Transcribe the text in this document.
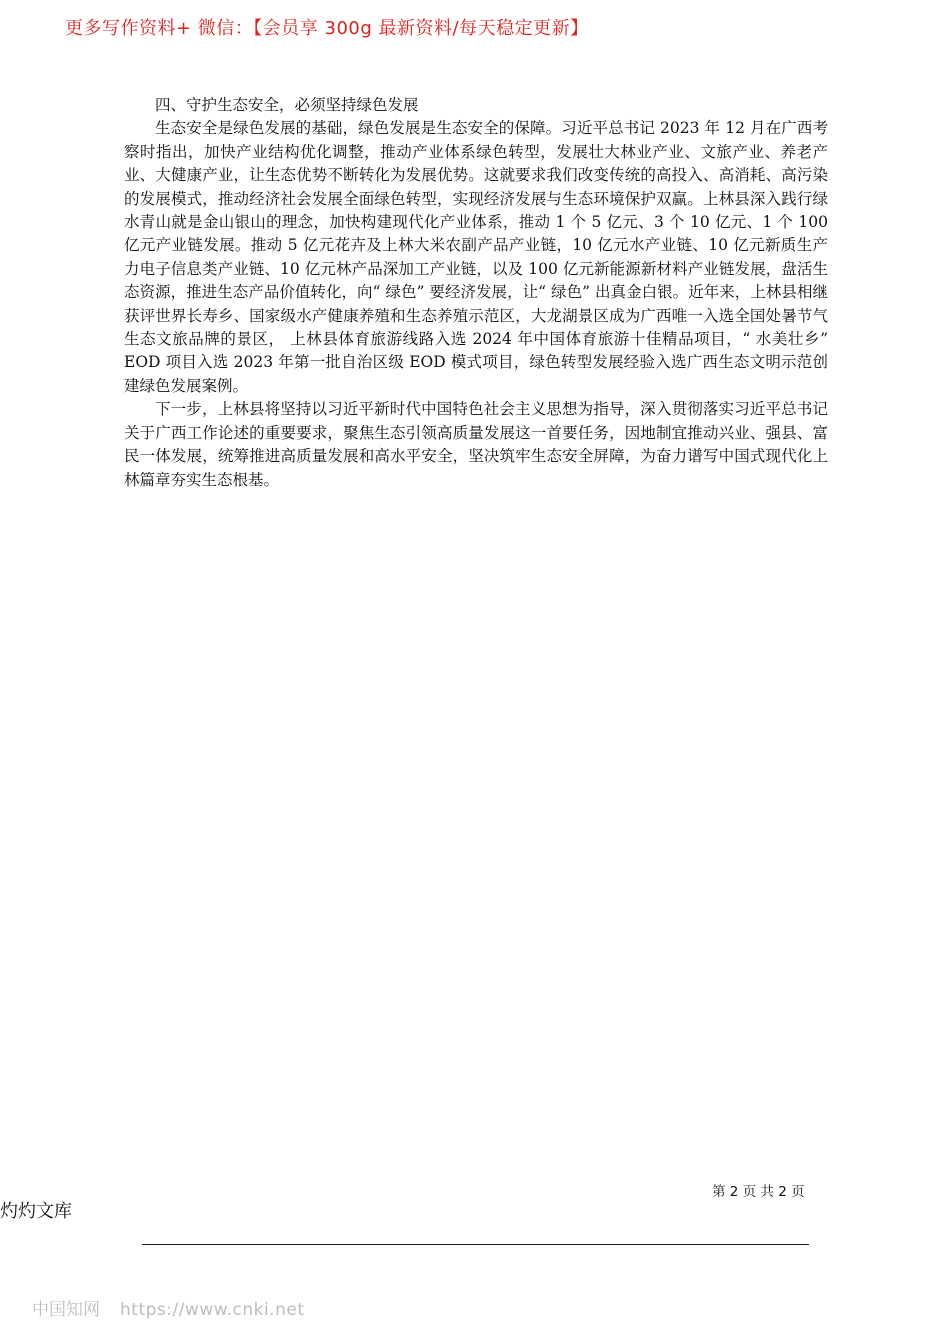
更多写作资料+ 微信：【会员享 300g 最新资料/每天稳定更新】

四、守护生态安全，必须坚持绿色发展

生态安全是绿色发展的基础，绿色发展是生态安全的保障。习近平总书记 2023 年 12 月在广西考察时指出，加快产业结构优化调整，推动产业体系绿色转型，发展壮大林业产业、文旅产业、养老产业、大健康产业，让生态优势不断转化为发展优势。这就要求我们改变传统的高投入、高消耗、高污染的发展模式，推动经济社会发展全面绿色转型，实现经济发展与生态环境保护双赢。上林县深入践行绿水青山就是金山银山的理念，加快构建现代化产业体系，推动 1 个 5 亿元、3 个 10 亿元、1 个 100 亿元产业链发展。推动 5 亿元花卉及上林大米农副产品产业链，10 亿元水产业链、10 亿元新质生产力电子信息类产业链、10 亿元林产品深加工产业链，以及 100 亿元新能源新材料产业链发展，盘活生态资源，推进生态产品价值转化，向“ 绿色” 要经济发展，让“ 绿色” 出真金白银。近年来，上林县相继获评世界长寿乡、国家级水产健康养殖和生态养殖示范区，大龙湖景区成为广西唯一入选全国处暑节气生态文旅品牌的景区， 上林县体育旅游线路入选 2024 年中国体育旅游十佳精品项目，“ 水美壮乡” EOD 项目入选 2023 年第一批自治区级 EOD 模式项目，绿色转型发展经验入选广西生态文明示范创建绿色发展案例。

下一步，上林县将坚持以习近平新时代中国特色社会主义思想为指导，深入贯彻落实习近平总书记关于广西工作论述的重要要求，聚焦生态引领高质量发展这一首要任务，因地制宜推动兴业、强县、富民一体发展，统筹推进高质量发展和高水平安全，坚决筑牢生态安全屏障，为奋力谱写中国式现代化上林篇章夯实生态根基。

第 2 页 共 2 页
灼灼文库
中国知网 https://www.cnki.net
